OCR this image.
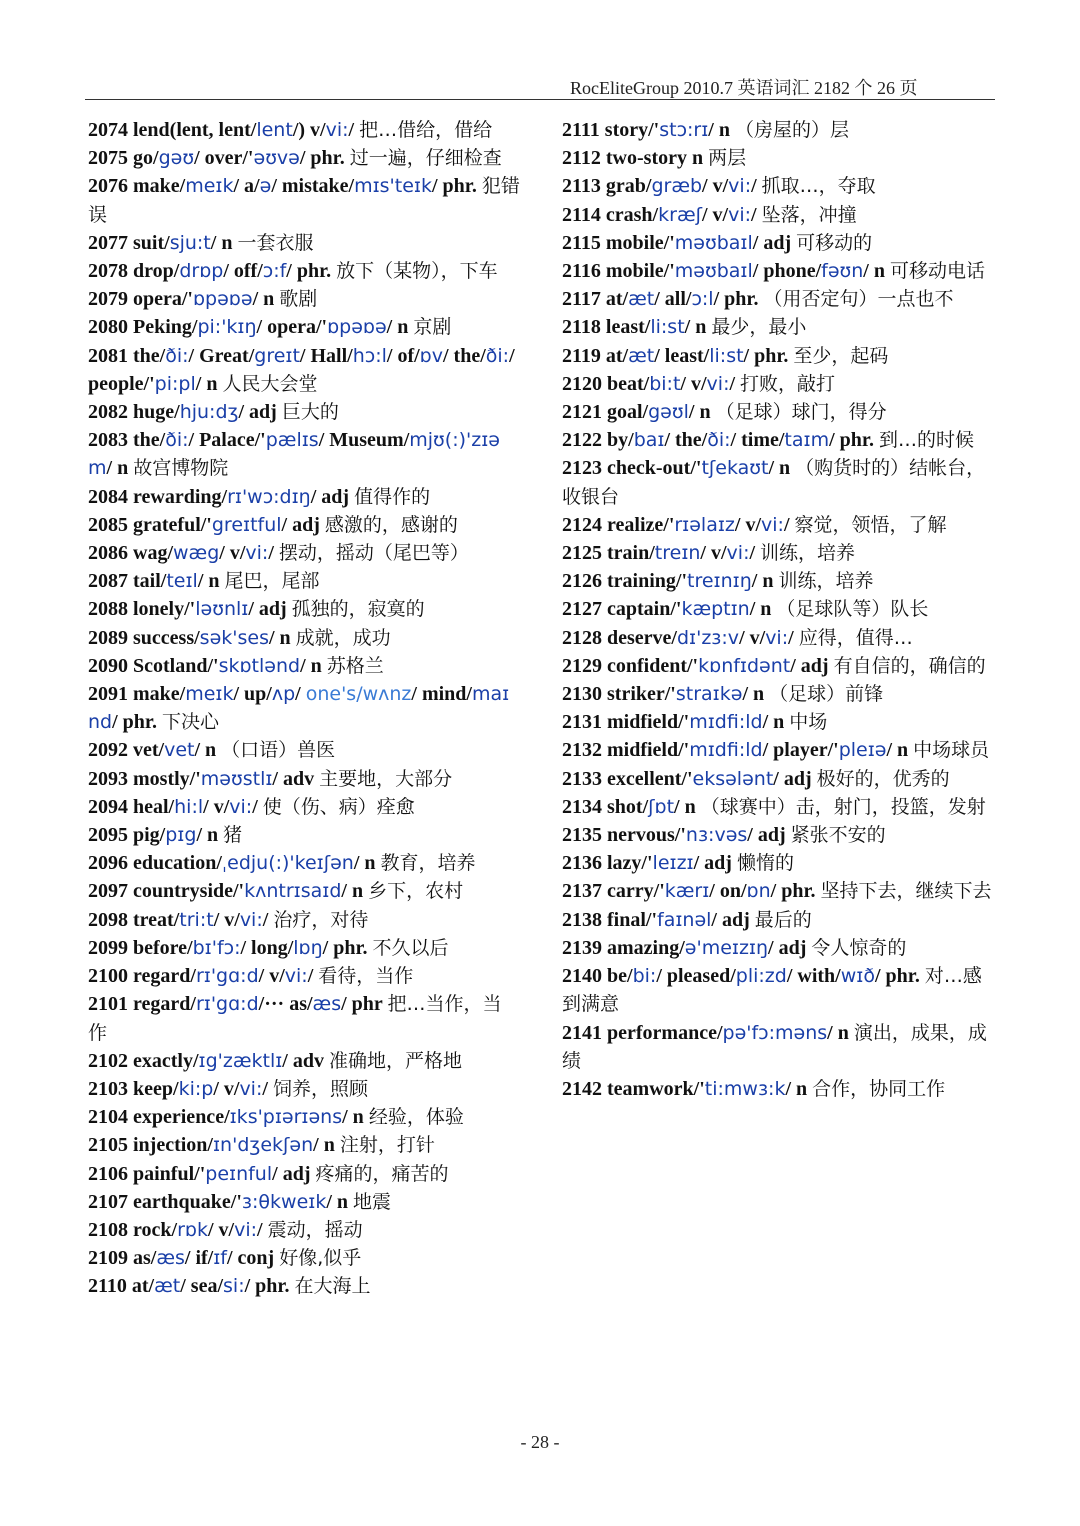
RocEliteGroup 2010.7 英语词汇 2182 个 26 页

2074 lend(lent, lent/lent/) v/vi:/ 把…借给，借给

2075 go/gəʊ/ over/'əʊvə/ phr. 过一遍，仔细检查

2076 make/meɪk/ a/ə/ mistake/mɪs'teɪk/ phr. 犯错误

2077 suit/sju:t/ n 一套衣服

2078 drop/drɒp/ off/ɔ:f/ phr. 放下（某物），下车

2079 opera/'ɒpəɒə/ n 歌剧

2080 Peking/pi:'kɪŋ/ opera/'ɒpəɒə/ n 京剧

2081 the/ði:/ Great/greɪt/ Hall/hɔ:l/ of/ɒv/ the/ði:/ people/'pi:pl/ n 人民大会堂

2082 huge/hju:dʒ/ adj 巨大的

2083 the/ði:/ Palace/'pælɪs/ Museum/mjʊ(:)'zɪəm/ n 故宫博物院

2084 rewarding/rɪ'wɔ:dɪŋ/ adj 值得作的

2085 grateful/'greɪtful/ adj 感激的，感谢的

2086 wag/wæg/ v/vi:/ 摆动，摇动（尾巴等）

2087 tail/teɪl/ n 尾巴，尾部

2088 lonely/'ləʊnlɪ/ adj 孤独的，寂寞的

2089 success/sək'ses/ n 成就，成功

2090 Scotland/'skɒtlənd/ n 苏格兰

2091 make/meɪk/ up/ʌp/ one's/wʌnz/ mind/maɪnd/ phr. 下决心

2092 vet/vet/ n （口语）兽医

2093 mostly/'məʊstlɪ/ adv 主要地，大部分

2094 heal/hi:l/ v/vi:/ 使（伤、病）痊愈

2095 pig/pɪg/ n 猪

2096 education/ˌedju(:)'keɪʃən/ n 教育，培养

2097 countryside/'kʌntrɪsaɪd/ n 乡下，农村

2098 treat/tri:t/ v/vi:/ 治疗，对待

2099 before/bɪ'fɔ:/ long/lɒŋ/ phr. 不久以后

2100 regard/rɪ'gɑ:d/ v/vi:/ 看待，当作

2101 regard/rɪ'gɑ:d/··· as/æs/ phr 把…当作，当作

2102 exactly/ɪg'zæktlɪ/ adv 准确地，严格地

2103 keep/ki:p/ v/vi:/ 饲养，照顾

2104 experience/ɪks'pɪərɪəns/ n 经验，体验

2105 injection/ɪn'dʒekʃən/ n 注射，打针

2106 painful/'peɪnful/ adj 疼痛的，痛苦的

2107 earthquake/'ɜ:θkweɪk/ n 地震

2108 rock/rɒk/ v/vi:/ 震动，摇动

2109 as/æs/ if/ɪf/ conj 好像,似乎

2110 at/æt/ sea/si:/ phr. 在大海上

2111 story/'stɔ:rɪ/ n （房屋的）层

2112 two-story n 两层

2113 grab/græb/ v/vi:/ 抓取…，夺取

2114 crash/kræʃ/ v/vi:/ 坠落，冲撞

2115 mobile/'məʊbaɪl/ adj 可移动的

2116 mobile/'məʊbaɪl/ phone/fəʊn/ n 可移动电话

2117 at/æt/ all/ɔ:l/ phr. （用否定句）一点也不

2118 least/li:st/ n 最少，最小

2119 at/æt/ least/li:st/ phr. 至少，起码

2120 beat/bi:t/ v/vi:/ 打败，敲打

2121 goal/gəʊl/ n （足球）球门，得分

2122 by/baɪ/ the/ði:/ time/taɪm/ phr. 到…的时候

2123 check-out/'tʃekaʊt/ n （购货时的）结帐台，收银台

2124 realize/'rɪəlaɪz/ v/vi:/ 察觉，领悟，了解

2125 train/treɪn/ v/vi:/ 训练，培养

2126 training/'treɪnɪŋ/ n 训练，培养

2127 captain/'kæptɪn/ n （足球队等）队长

2128 deserve/dɪ'zɜ:v/ v/vi:/ 应得，值得…

2129 confident/'kɒnfɪdənt/ adj 有自信的，确信的

2130 striker/'straɪkə/ n （足球）前锋

2131 midfield/'mɪdfi:ld/ n 中场

2132 midfield/'mɪdfi:ld/ player/'pleɪə/ n 中场球员

2133 excellent/'eksələnt/ adj 极好的，优秀的

2134 shot/ʃɒt/ n （球赛中）击，射门，投篮，发射

2135 nervous/'nɜ:vəs/ adj 紧张不安的

2136 lazy/'leɪzɪ/ adj 懒惰的

2137 carry/'kærɪ/ on/ɒn/ phr. 坚持下去，继续下去

2138 final/'faɪnəl/ adj 最后的

2139 amazing/ə'meɪzɪŋ/ adj 令人惊奇的

2140 be/bi:/ pleased/pli:zd/ with/wɪð/ phr. 对…感到满意

2141 performance/pə'fɔ:məns/ n 演出，成果，成绩

2142 teamwork/'ti:mwɜ:k/ n 合作，协同工作

- 28 -
